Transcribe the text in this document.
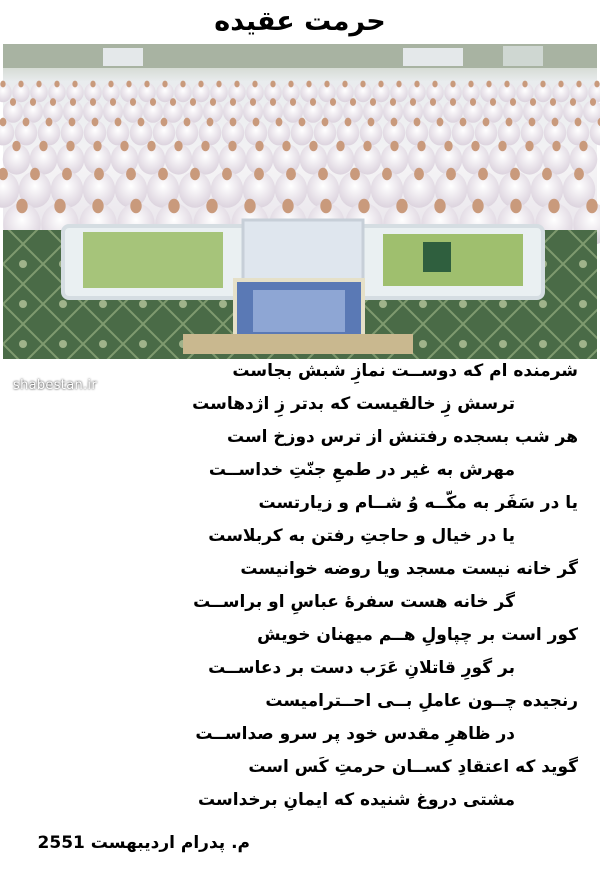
حرمت عقیده
shabestan.ir
شرمنده ام که دوســت نمازِ شبش بجاست
ترسش زِ خالقیست که بدتر زِ اژدهاست
هر شب بسجده رفتنش از ترس دوزخ است
مهرش به غیر در طمعِ جنّتِ خداســت
یا در سَفَر به مکّــه وُ شــام و زیارتست
یا در خیال و حاجتِ رفتن به کربلاست
گر خانه نیست مسجد ویا روضه خوانیست
گر خانه هست سفرۀ عباسِ او براســت
کور است بر چپاولِ هــم میهنان خویش
بر گورِ قاتلانِ عَرَب دست بر دعاســت
رنجیده چــون عاملِ بــی احــترامیست
در ظاهرِ مقدس خود پر سرو صداســت
گوید که اعتقادِ کســان حرمتِ کَس است
مشتی دروغ شنیده که ایمانِ برخداست
م. پدرام اردیبهست 2551
